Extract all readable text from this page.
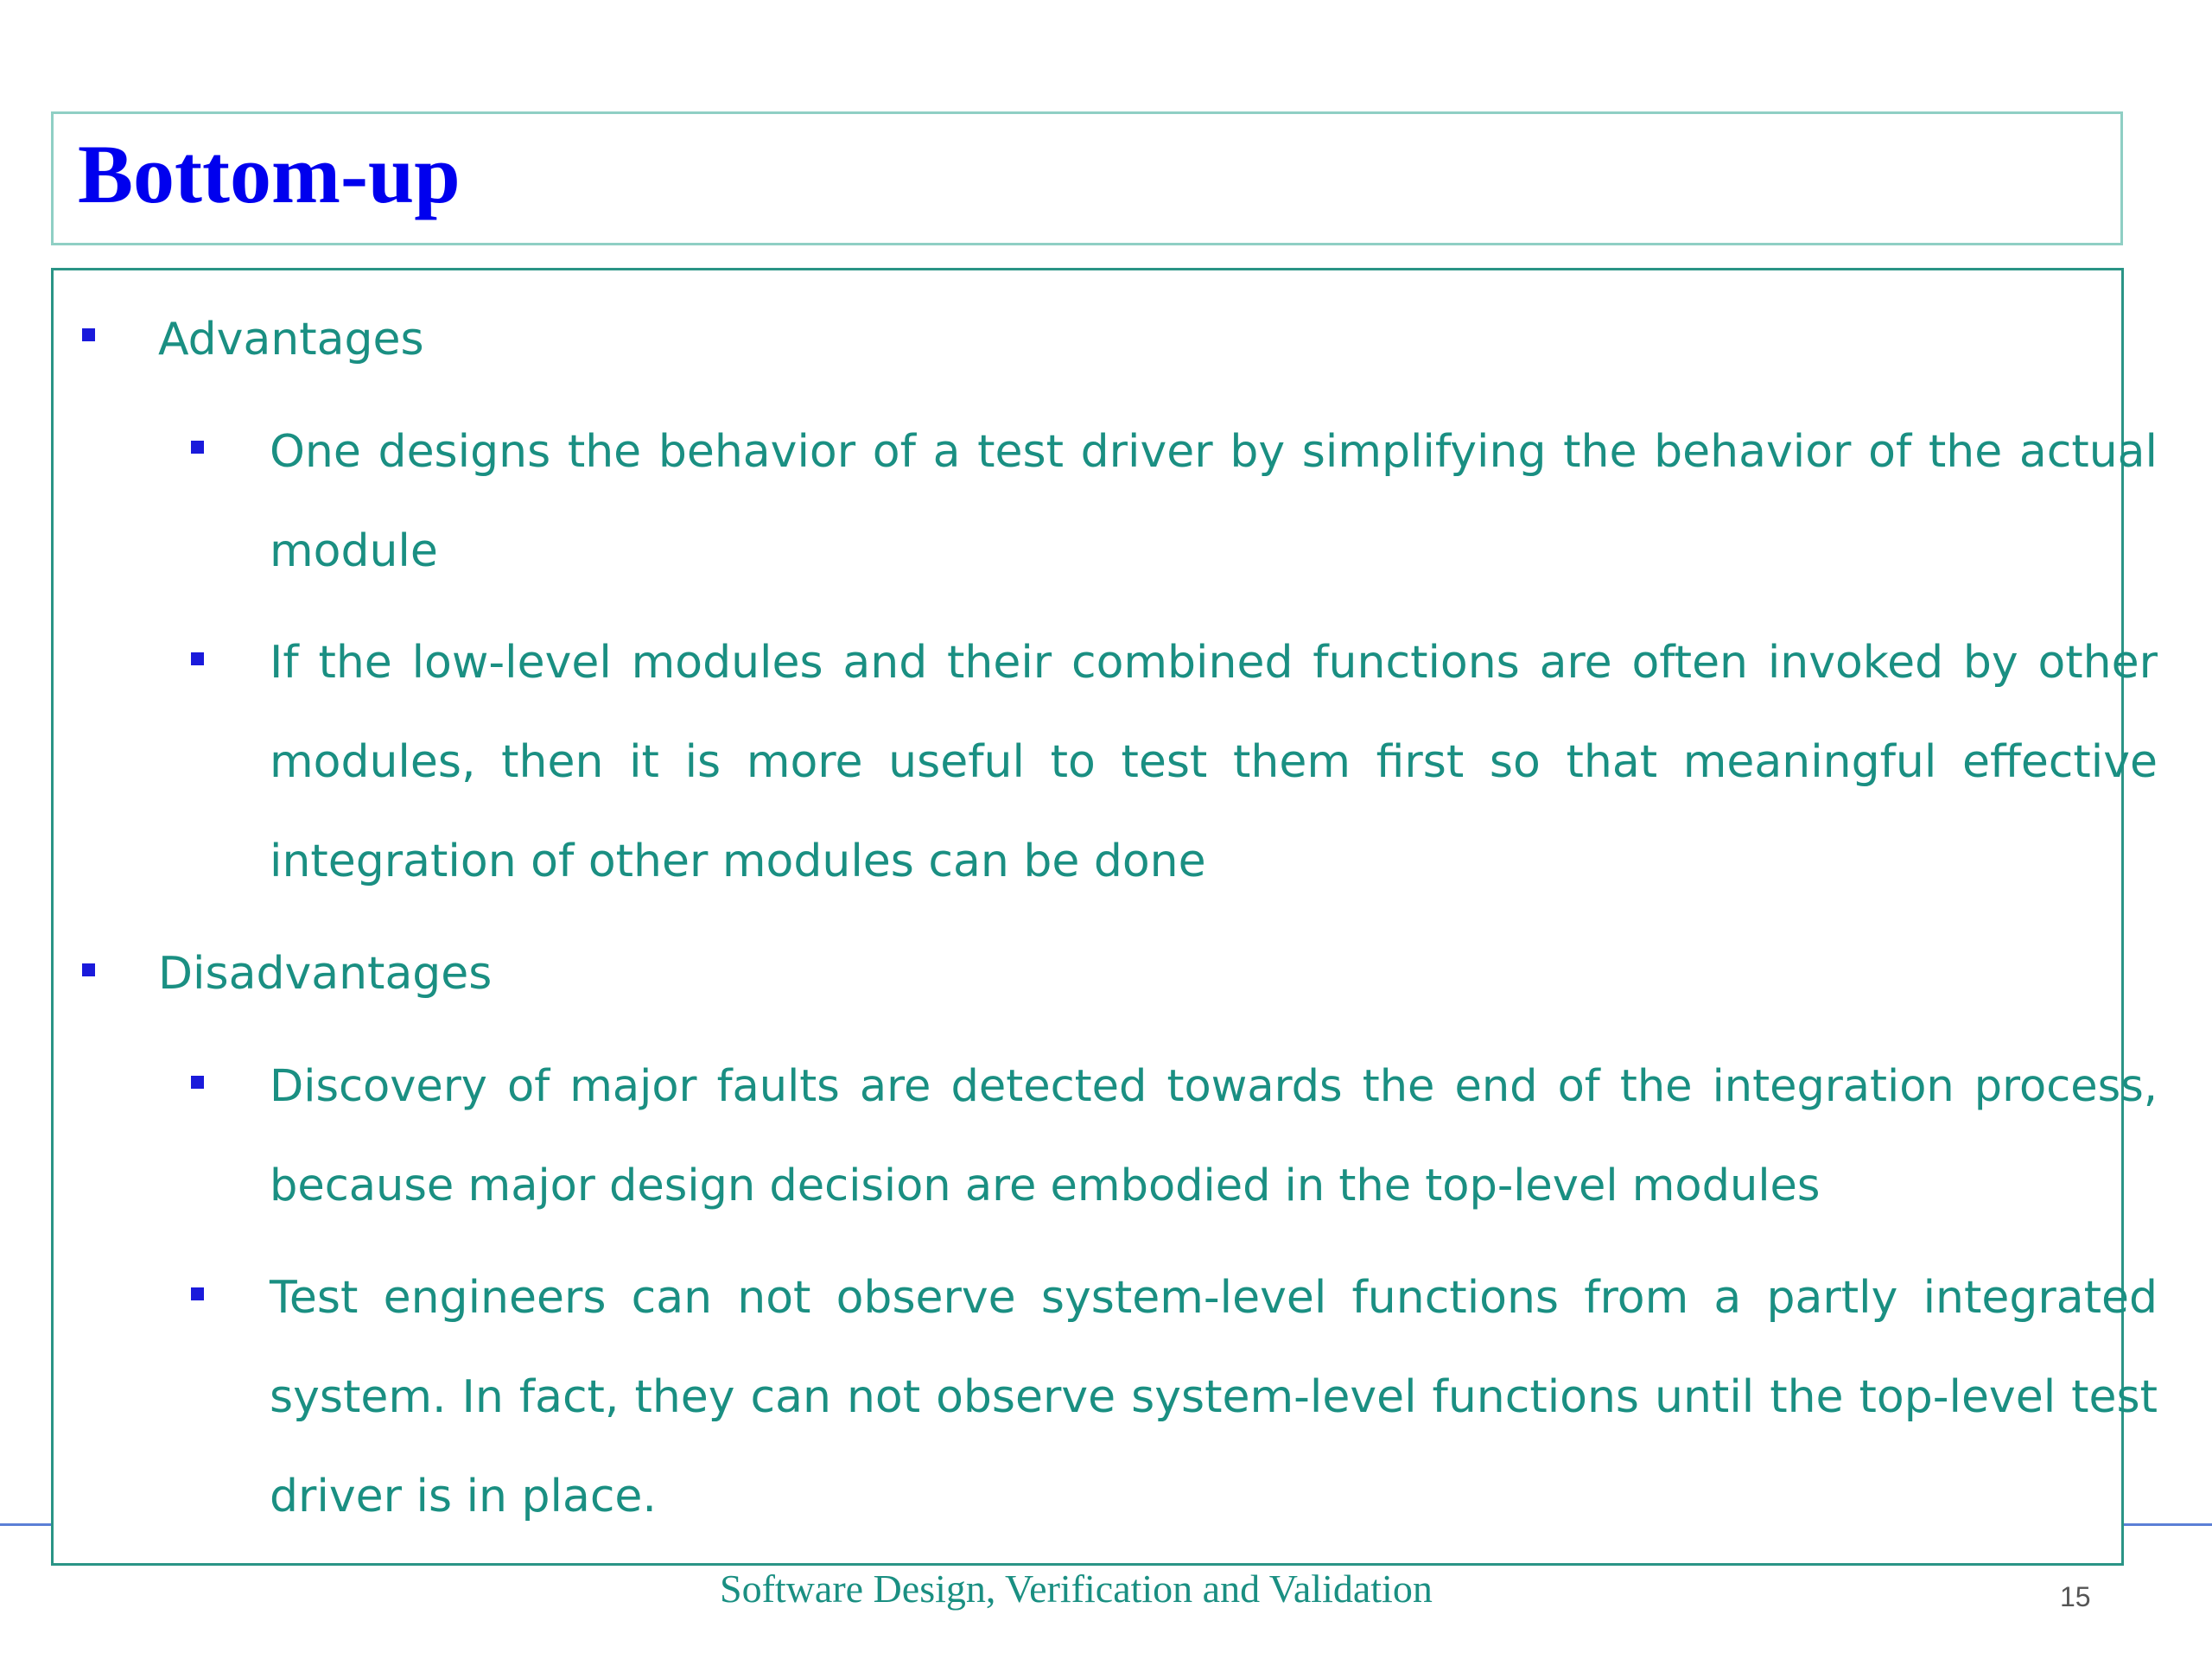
Bottom-up
Advantages
One designs the behavior of a test driver by simplifying the behavior of the actual module
If the low-level modules and their combined functions are often invoked by other modules, then it is more useful to test them first so that meaningful effective integration of other modules can be done
Disadvantages
Discovery of major faults are detected towards the end of the integration process, because major design decision are embodied in the top-level modules
Test engineers can not observe system-level functions from a partly integrated system. In fact, they can not observe system-level functions until the top-level test driver is in place.
Software Design, Verification and Validation	15
